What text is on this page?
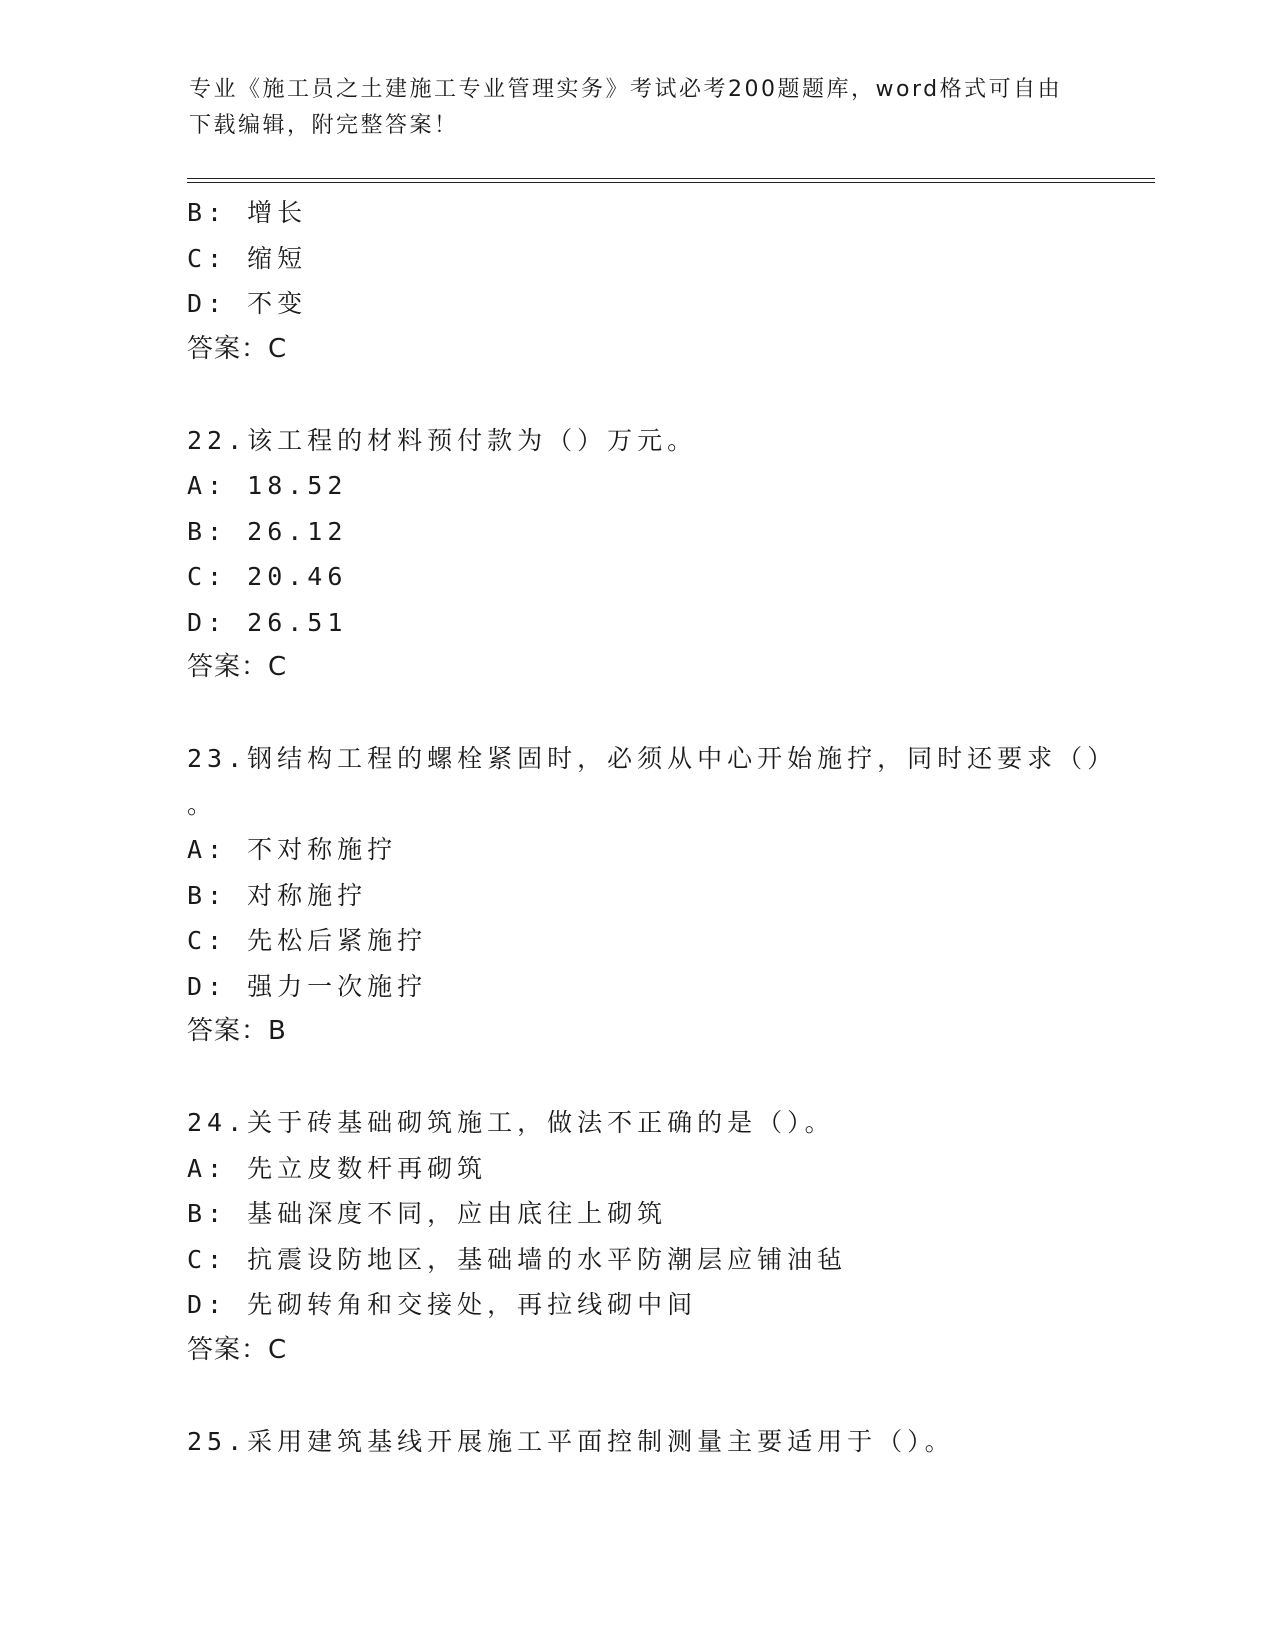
专业《施工员之土建施工专业管理实务》考试必考200题题库，word格式可自由
下载编辑，附完整答案！
B: 增长
C: 缩短
D: 不变
答案：C
22.该工程的材料预付款为（）万元。
A: 18.52
B: 26.12
C: 20.46
D: 26.51
答案：C
23.钢结构工程的螺栓紧固时，必须从中心开始施拧，同时还要求（）
。
A: 不对称施拧
B: 对称施拧
C: 先松后紧施拧
D: 强力一次施拧
答案：B
24.关于砖基础砌筑施工，做法不正确的是（）。
A: 先立皮数杆再砌筑
B: 基础深度不同，应由底往上砌筑
C: 抗震设防地区，基础墙的水平防潮层应铺油毡
D: 先砌转角和交接处，再拉线砌中间
答案：C
25.采用建筑基线开展施工平面控制测量主要适用于（）。
